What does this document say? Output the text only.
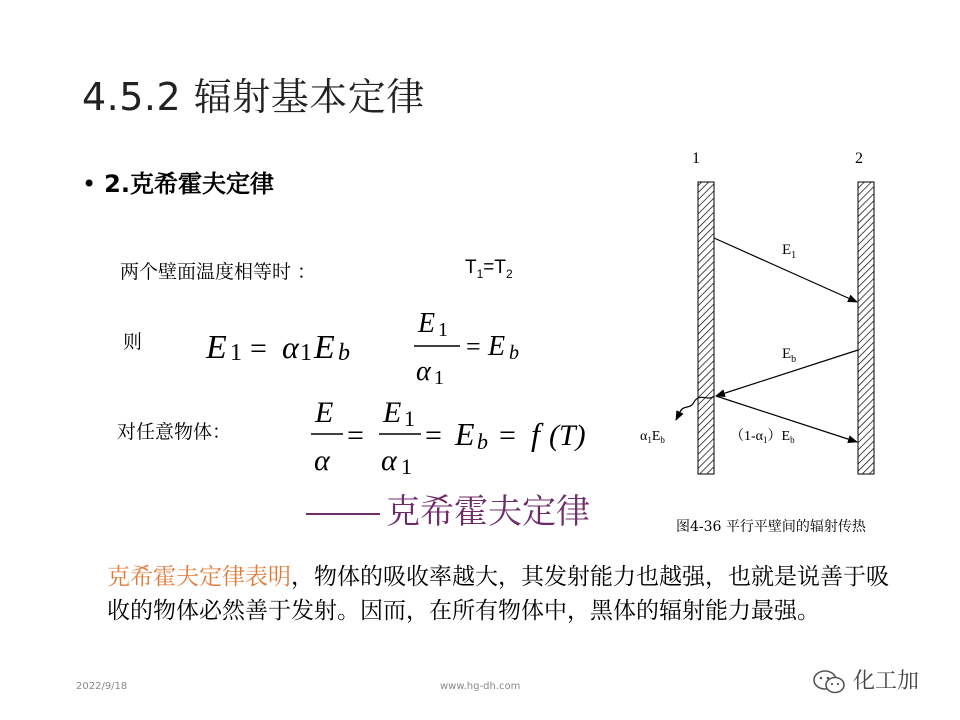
4.5.2 辐射基本定律
• 2.克希霍夫定律
两个壁面温度相等时 ：	$T_1=T_2$
则 E 1 = α 1 E b
E 1
α 1
= E b
对任意物体：
E
α
=
E 1
α 1
= E b = f (T)
克希霍夫定律
1	2
$E_1$
$E_b$
$\alpha_1E_b$	$(1-\alpha_1)E_b$
图4-36 平行平壁间的辐射传热
克希霍夫定律表明，物体的吸收率越大，其发射能力也越强，也就是说善于吸收的物体必然善于发射。因而，在所有物体中，黑体的辐射能力最强。
2022/9/18	www.hg-dh.com	化工加
